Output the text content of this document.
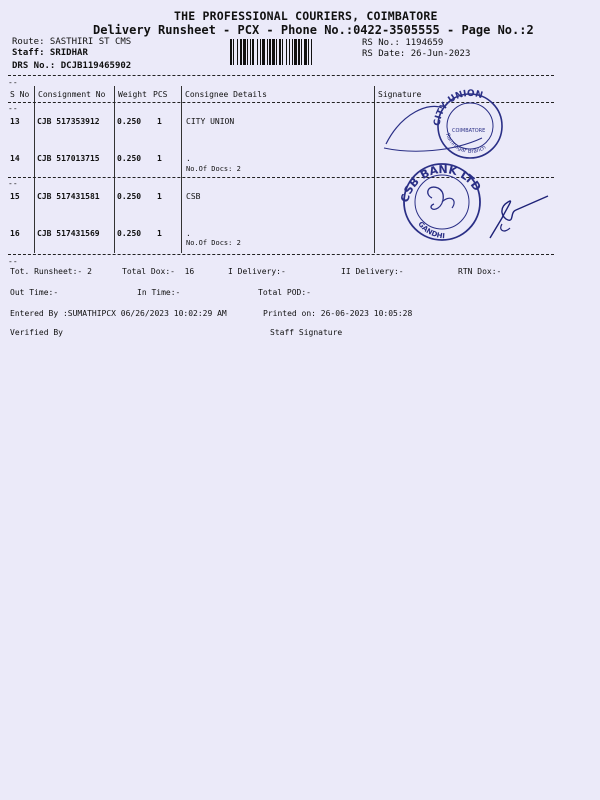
THE PROFESSIONAL COURIERS, COIMBATORE
Delivery Runsheet - PCX - Phone No.:0422-3505555 - Page No.:2
Route: SASTHIRI ST CMS
Staff: SRIDHAR
DRS No.: DCJB119465902
RS No.: 1194659
RS Date: 26-Jun-2023
--
S No Consignment No Weight PCS Consignee Details	Signature
--
13 CJB 517353912 0.250 1	CITY UNION
14 CJB 517013715 0.250 1	.
No.Of Docs: 2
--
15 CJB 517431581 0.250 1	CSB
16 CJB 517431569 0.250 1	.
No.Of Docs: 2
--
CITY UNION
COIMBATORE
Ramnagar Branch
CSB BANK LTD
GANDHI
Tot. Runsheet:- 2	Total Dox:-  16	I Delivery:-	II Delivery:-	RTN Dox:-
Out Time:-	In Time:-	Total POD:-
Entered By :SUMATHIPCX 06/26/2023 10:02:29 AM	Printed on: 26-06-2023 10:05:28
Verified By	Staff Signature
